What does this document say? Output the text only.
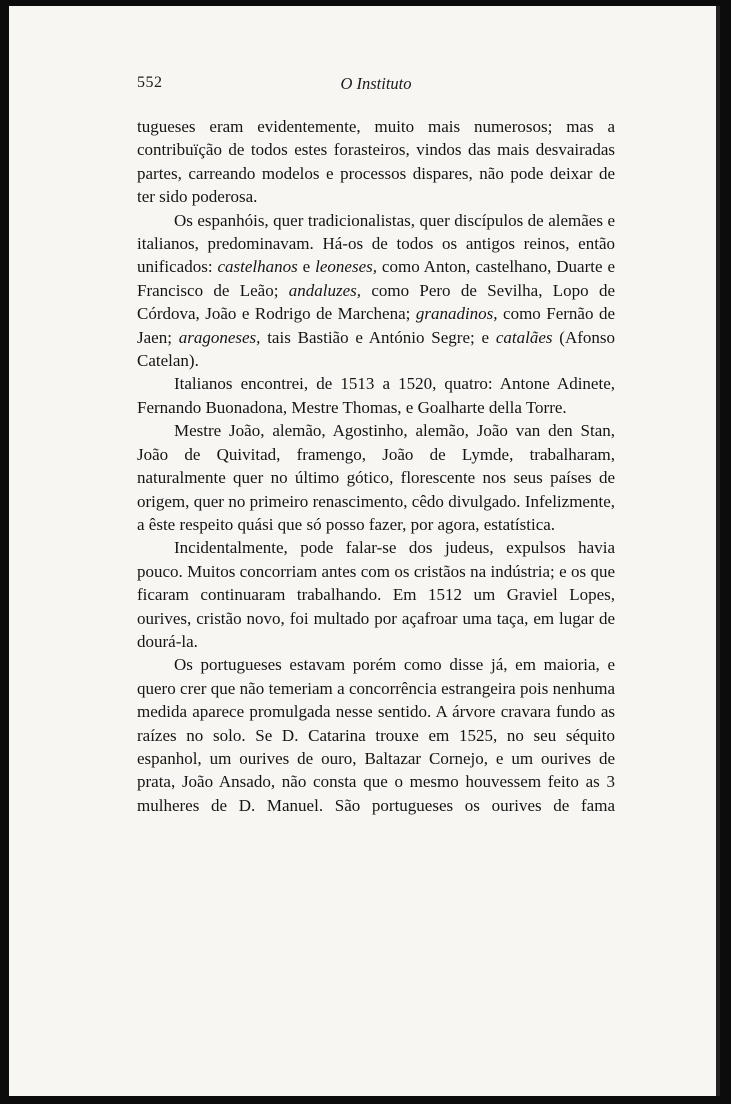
552	O Instituto

tugueses eram evidentemente, muito mais numerosos; mas a contribuïção de todos estes forasteiros, vindos das mais desvairadas partes, carreando modelos e processos dispares, não pode deixar de ter sido poderosa.

Os espanhóis, quer tradicionalistas, quer discípulos de alemães e italianos, predominavam. Há-os de todos os antigos reinos, então unificados: castelhanos e leoneses, como Anton, castelhano, Duarte e Francisco de Leão; andaluzes, como Pero de Sevilha, Lopo de Córdova, João e Rodrigo de Marchena; granadinos, como Fernão de Jaen; aragoneses, tais Bastião e António Segre; e catalães (Afonso Catelan).

Italianos encontrei, de 1513 a 1520, quatro: Antone Adinete, Fernando Buonadona, Mestre Thomas, e Goalharte della Torre.

Mestre João, alemão, Agostinho, alemão, João van den Stan, João de Quivitad, framengo, João de Lymde, trabalharam, naturalmente quer no último gótico, florescente nos seus países de origem, quer no primeiro renascimento, cêdo divulgado. Infelizmente, a êste respeito quási que só posso fazer, por agora, estatística.

Incidentalmente, pode falar-se dos judeus, expulsos havia pouco. Muitos concorriam antes com os cristãos na indústria; e os que ficaram continuaram trabalhando. Em 1512 um Graviel Lopes, ourives, cristão novo, foi multado por açafroar uma taça, em lugar de dourá-la.

Os portugueses estavam porém como disse já, em maioria, e quero crer que não temeriam a concorrência estrangeira pois nenhuma medida aparece promulgada nesse sentido. A árvore cravara fundo as raízes no solo. Se D. Catarina trouxe em 1525, no seu séquito espanhol, um ourives de ouro, Baltazar Cornejo, e um ourives de prata, João Ansado, não consta que o mesmo houvessem feito as 3 mulheres de D. Manuel. São portugueses os ourives de fama
